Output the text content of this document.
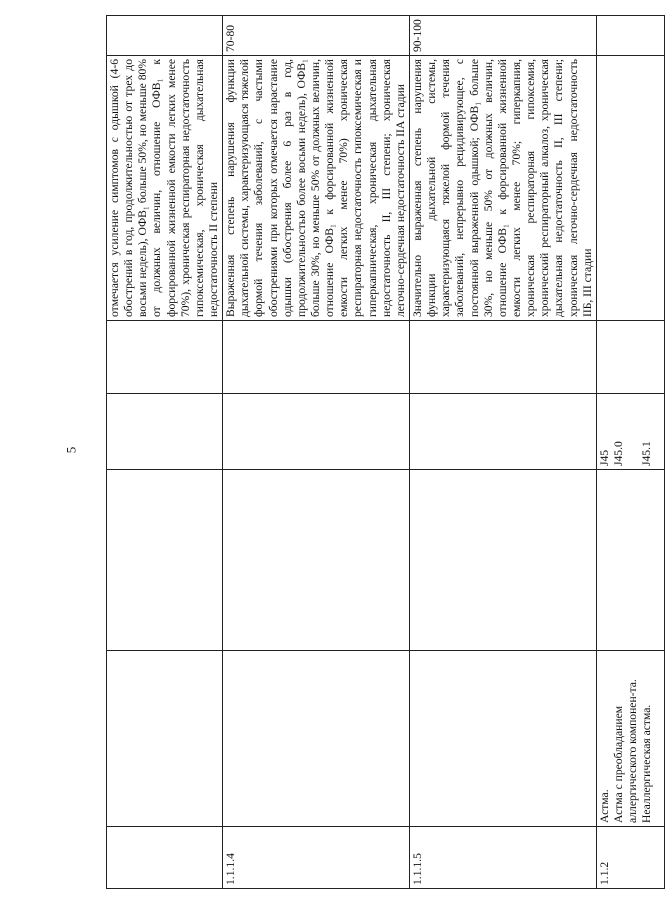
5
					отмечается усиление симптомов с одышкой (4-6 обострений в год, продолжительностью от трех до восьми недель), ОФВ₁ больше 50%, но меньше 80% от должных величин, отношение ОФВ₁ к форсированной жизненной емкости легких менее 70%), хроническая респираторная недостаточность гипоксемическая, хроническая дыхательная недостаточность II степени	
1.1.1.4					Выраженная степень нарушения функции дыхательной системы, характеризующаяся тяжелой формой течения заболеваний, с частыми обострениями при которых отмечается нарастание одышки (обострения более 6 раз в год, продолжительностью более восьми недель), ОФВ₁ больше 30%, но меньше 50% от должных величин, отношение ОФВ₁ к форсированной жизненной емкости легких менее 70%) хроническая респираторная недостаточность гипоксемическая и гиперкапническая, хроническая дыхательная недостаточность II, III степени; хроническая легочно-сердечная недостаточность IIА стадии	70-80
1.1.1.5					Значительно выраженная степень нарушения функции дыхательной системы, характеризующаяся тяжелой формой течения заболеваний, непрерывно рецидивирующее, с постоянной выраженной одышкой; ОФВ₁ больше 30%, но меньше 50% от должных величин, отношение ОФВ₁ к форсированной жизненной емкости легких менее 70%; гиперкапния, хроническая респираторная гипоксемия, хронический респираторный алкалоз, хроническая дыхательная недостаточность II, III степени; хроническая легочно-сердечная недостаточность IIБ, III стадии	90-100
1.1.2	Астма. Астма с преобладанием аллергического компонен-та. Неаллергическая астма.		J45 J45.0 J45.1			
